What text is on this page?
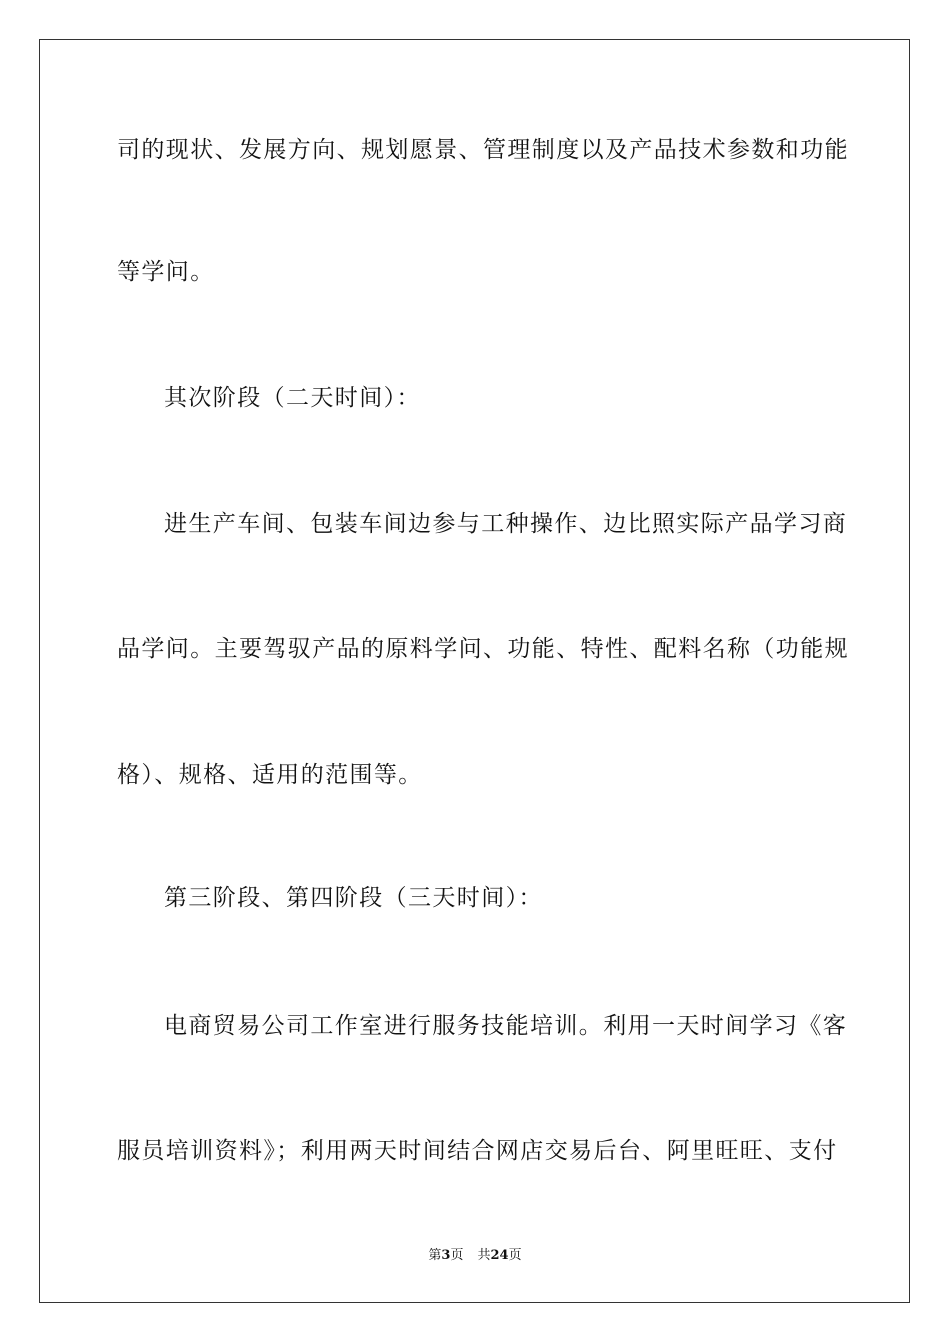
司的现状、发展方向、规划愿景、管理制度以及产品技术参数和功能
等学问。
其次阶段（二天时间）：
进生产车间、包装车间边参与工种操作、边比照实际产品学习商
品学问。主要驾驭产品的原料学问、功能、特性、配料名称（功能规
格）、规格、适用的范围等。
第三阶段、第四阶段（三天时间）：
电商贸易公司工作室进行服务技能培训。利用一天时间学习《客
服员培训资料》；利用两天时间结合网店交易后台、阿里旺旺、支付
第3页 共24页
